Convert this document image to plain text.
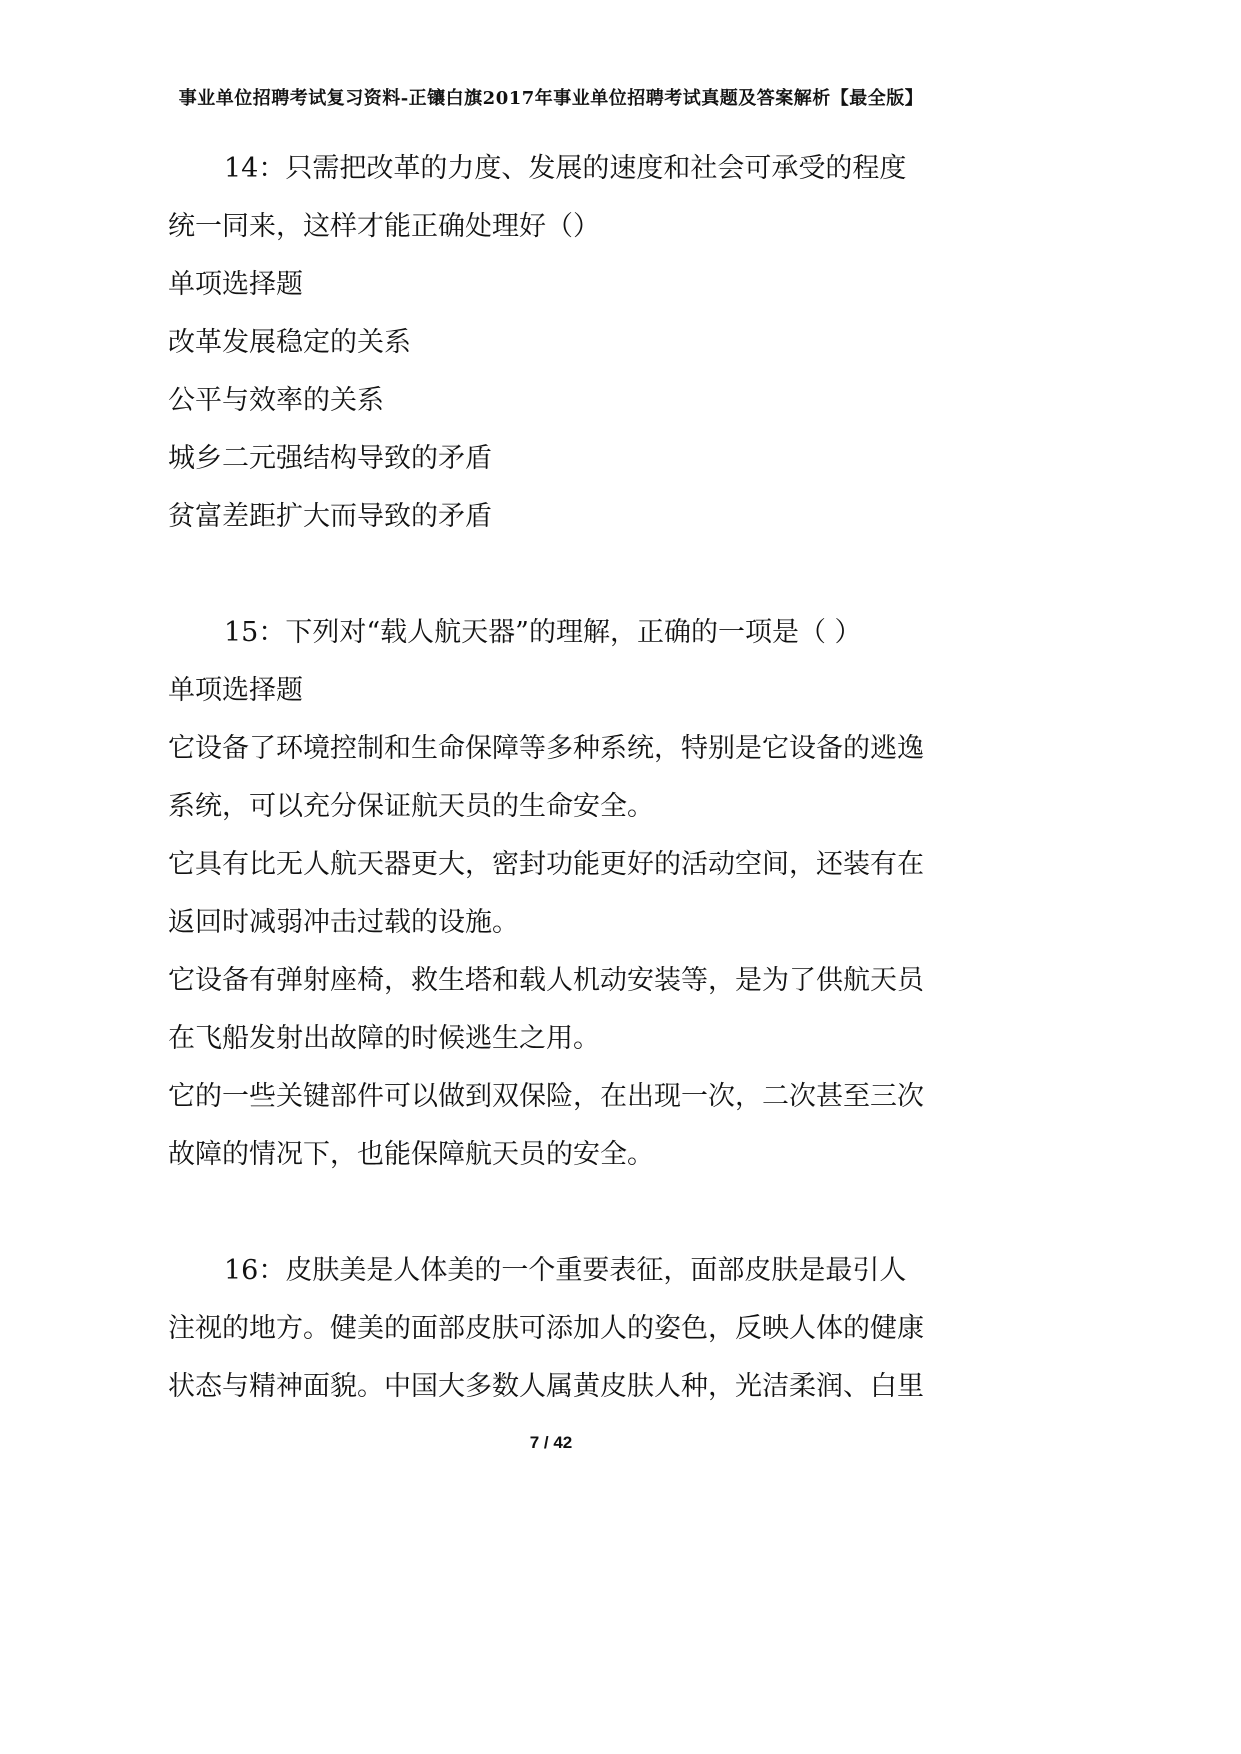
事业单位招聘考试复习资料-正镶白旗2017年事业单位招聘考试真题及答案解析【最全版】
14：只需把改革的力度、发展的速度和社会可承受的程度
统一同来，这样才能正确处理好（）
单项选择题
改革发展稳定的关系
公平与效率的关系
城乡二元强结构导致的矛盾
贫富差距扩大而导致的矛盾
15：下列对“载人航天器”的理解，正确的一项是（ ）
单项选择题
它设备了环境控制和生命保障等多种系统，特别是它设备的逃逸
系统，可以充分保证航天员的生命安全。
它具有比无人航天器更大，密封功能更好的活动空间，还装有在
返回时减弱冲击过载的设施。
它设备有弹射座椅，救生塔和载人机动安装等，是为了供航天员
在飞船发射出故障的时候逃生之用。
它的一些关键部件可以做到双保险，在出现一次，二次甚至三次
故障的情况下，也能保障航天员的安全。
16：皮肤美是人体美的一个重要表征，面部皮肤是最引人
注视的地方。健美的面部皮肤可添加人的姿色，反映人体的健康
状态与精神面貌。中国大多数人属黄皮肤人种，光洁柔润、白里
7 / 42
